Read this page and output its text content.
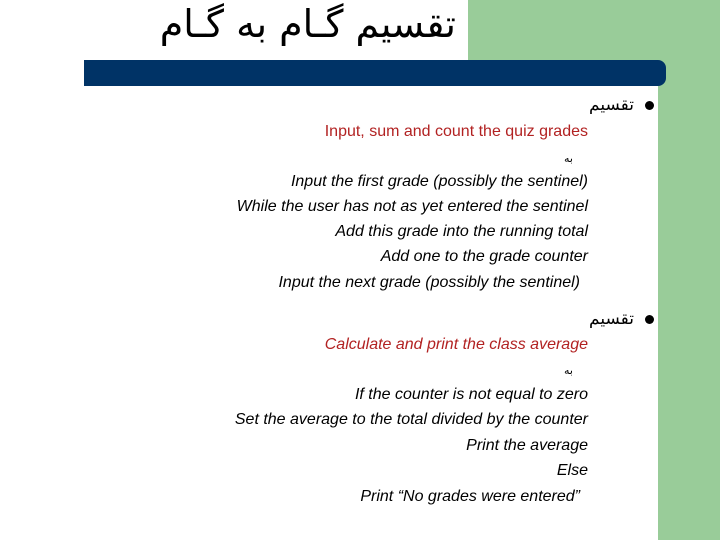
تقسیم گـام به گـام
تقسیم
Input, sum and count the quiz grades
به
Input the first grade (possibly the sentinel)
While the user has not as yet entered the sentinel
Add this grade into the running total
Add one to the grade counter
Input the next grade (possibly the sentinel)
تقسیم
Calculate and print the class average
به
If the counter is not equal to zero
Set the average to the total divided by the counter
Print the average
Else
Print “No grades were entered”
